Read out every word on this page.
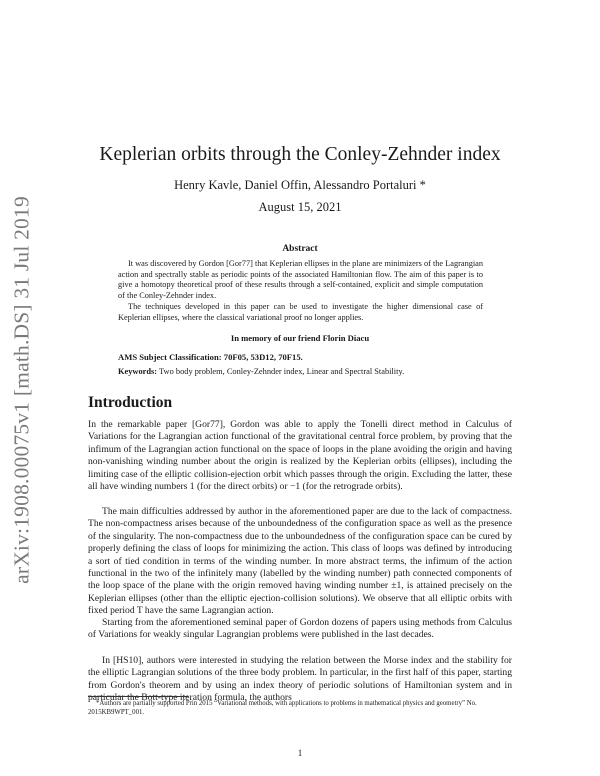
arXiv:1908.00075v1 [math.DS] 31 Jul 2019
Keplerian orbits through the Conley-Zehnder index
Henry Kavle, Daniel Offin, Alessandro Portaluri *
August 15, 2021
Abstract

It was discovered by Gordon [Gor77] that Keplerian ellipses in the plane are minimizers of the Lagrangian action and spectrally stable as periodic points of the associated Hamiltonian flow. The aim of this paper is to give a homotopy theoretical proof of these results through a self-contained, explicit and simple computation of the Conley-Zehnder index.

The techniques developed in this paper can be used to investigate the higher dimensional case of Keplerian ellipses, where the classical variational proof no longer applies.

In memory of our friend Florin Diacu
AMS Subject Classification: 70F05, 53D12, 70F15.
Keywords: Two body problem, Conley-Zehnder index, Linear and Spectral Stability.
Introduction

In the remarkable paper [Gor77], Gordon was able to apply the Tonelli direct method in Calculus of Variations for the Lagrangian action functional of the gravitational central force problem, by proving that the infimum of the Lagrangian action functional on the space of loops in the plane avoiding the origin and having non-vanishing winding number about the origin is realized by the Keplerian orbits (ellipses), including the limiting case of the elliptic collision-ejection orbit which passes through the origin. Excluding the latter, these all have winding numbers 1 (for the direct orbits) or −1 (for the retrograde orbits).

The main difficulties addressed by author in the aforementioned paper are due to the lack of compactness. The non-compactness arises because of the unboundedness of the configuration space as well as the presence of the singularity. The non-compactness due to the unboundedness of the configuration space can be cured by properly defining the class of loops for minimizing the action. This class of loops was defined by introducing a sort of tied condition in terms of the winding number. In more abstract terms, the infimum of the action functional in the two of the infinitely many (labelled by the winding number) path connected components of the loop space of the plane with the origin removed having winding number ±1, is attained precisely on the Keplerian ellipses (other than the elliptic ejection-collision solutions). We observe that all elliptic orbits with fixed period T have the same Lagrangian action.

Starting from the aforementioned seminal paper of Gordon dozens of papers using methods from Calculus of Variations for weakly singular Lagrangian problems were published in the last decades.

In [HS10], authors were interested in studying the relation between the Morse index and the stability for the elliptic Lagrangian solutions of the three body problem. In particular, in the first half of this paper, starting from Gordon's theorem and by using an index theory of periodic solutions of Hamiltonian system and in particular the Bott-type iteration formula, the authors

*Authors are partially supported Prin 2015 “Variational methods, with applications to problems in mathematical physics and geometry” No. 2015KB9WPT_001.

1
